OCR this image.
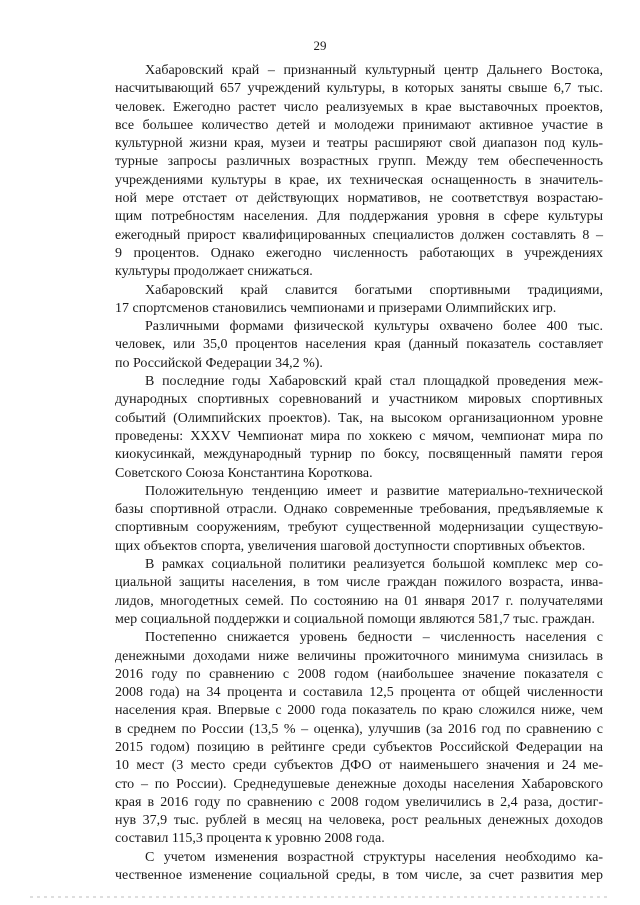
29

Хабаровский край – признанный культурный центр Дальнего Востока,
насчитывающий 657 учреждений культуры, в которых заняты свыше 6,7 тыс.
человек. Ежегодно растет число реализуемых в крае выставочных проектов,
все большее количество детей и молодежи принимают активное участие в
культурной жизни края, музеи и театры расширяют свой диапазон под куль-
турные запросы различных возрастных групп. Между тем обеспеченность
учреждениями культуры в крае, их техническая оснащенность в значитель-
ной мере отстает от действующих нормативов, не соответствуя возрастаю-
щим потребностям населения. Для поддержания уровня в сфере культуры
ежегодный прирост квалифицированных специалистов должен составлять 8 –
9 процентов. Однако ежегодно численность работающих в учреждениях
культуры продолжает снижаться.

Хабаровский край славится богатыми спортивными традициями,
17 спортсменов становились чемпионами и призерами Олимпийских игр.

Различными формами физической культуры охвачено более 400 тыс.
человек, или 35,0 процентов населения края (данный показатель составляет
по Российской Федерации 34,2 %).

В последние годы Хабаровский край стал площадкой проведения меж-
дународных спортивных соревнований и участником мировых спортивных
событий (Олимпийских проектов). Так, на высоком организационном уровне
проведены: XXXV Чемпионат мира по хоккею с мячом, чемпионат мира по
киокусинкай, международный турнир по боксу, посвященный памяти героя
Советского Союза Константина Короткова.

Положительную тенденцию имеет и развитие материально-технической
базы спортивной отрасли. Однако современные требования, предъявляемые к
спортивным сооружениям, требуют существенной модернизации существую-
щих объектов спорта, увеличения шаговой доступности спортивных объектов.

В рамках социальной политики реализуется большой комплекс мер со-
циальной защиты населения, в том числе граждан пожилого возраста, инва-
лидов, многодетных семей. По состоянию на 01 января 2017 г. получателями
мер социальной поддержки и социальной помощи являются 581,7 тыс. граждан.

Постепенно снижается уровень бедности – численность населения с
денежными доходами ниже величины прожиточного минимума снизилась в
2016 году по сравнению с 2008 годом (наибольшее значение показателя с
2008 года) на 34 процента и составила 12,5 процента от общей численности
населения края. Впервые с 2000 года показатель по краю сложился ниже, чем
в среднем по России (13,5 % – оценка), улучшив (за 2016 год по сравнению с
2015 годом) позицию в рейтинге среди субъектов Российской Федерации на
10 мест (3 место среди субъектов ДФО от наименьшего значения и 24 ме-
сто – по России). Среднедушевые денежные доходы населения Хабаровского
края в 2016 году по сравнению с 2008 годом увеличились в 2,4 раза, достиг-
нув 37,9 тыс. рублей в месяц на человека, рост реальных денежных доходов
составил 115,3 процента к уровню 2008 года.

С учетом изменения возрастной структуры населения необходимо ка-
чественное изменение социальной среды, в том числе, за счет развития мер
